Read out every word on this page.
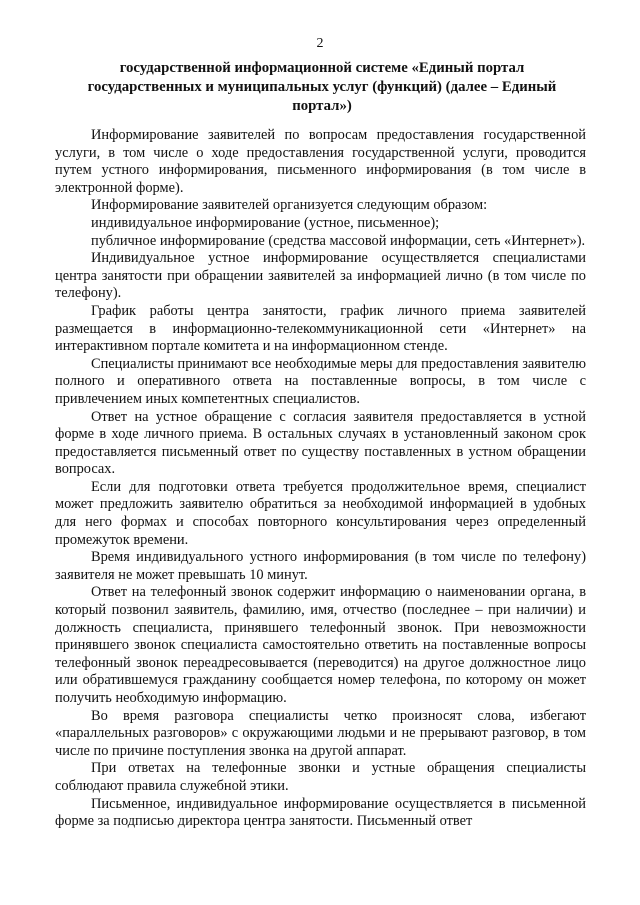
2
государственной информационной системе «Единый портал государственных и муниципальных услуг (функций) (далее – Единый портал»)

Информирование заявителей по вопросам предоставления государственной услуги, в том числе о ходе предоставления государственной услуги, проводится путем устного информирования, письменного информирования (в том числе в электронной форме).

Информирование заявителей организуется следующим образом:

индивидуальное информирование (устное, письменное);

публичное информирование (средства массовой информации, сеть «Интернет»).

Индивидуальное устное информирование осуществляется специалистами центра занятости при обращении заявителей за информацией лично (в том числе по телефону).

График работы центра занятости, график личного приема заявителей размещается в информационно-телекоммуникационной сети «Интернет» на интерактивном портале комитета и на информационном стенде.

Специалисты принимают все необходимые меры для предоставления заявителю полного и оперативного ответа на поставленные вопросы, в том числе с привлечением иных компетентных специалистов.

Ответ на устное обращение с согласия заявителя предоставляется в устной форме в ходе личного приема. В остальных случаях в установленный законом срок предоставляется письменный ответ по существу поставленных в устном обращении вопросах.

Если для подготовки ответа требуется продолжительное время, специалист может предложить заявителю обратиться за необходимой информацией в удобных для него формах и способах повторного консультирования через определенный промежуток времени.

Время индивидуального устного информирования (в том числе по телефону) заявителя не может превышать 10 минут.

Ответ на телефонный звонок содержит информацию о наименовании органа, в который позвонил заявитель, фамилию, имя, отчество (последнее – при наличии) и должность специалиста, принявшего телефонный звонок. При невозможности принявшего звонок специалиста самостоятельно ответить на поставленные вопросы телефонный звонок переадресовывается (переводится) на другое должностное лицо или обратившемуся гражданину сообщается номер телефона, по которому он может получить необходимую информацию.

Во время разговора специалисты четко произносят слова, избегают «параллельных разговоров» с окружающими людьми и не прерывают разговор, в том числе по причине поступления звонка на другой аппарат.

При ответах на телефонные звонки и устные обращения специалисты соблюдают правила служебной этики.

Письменное, индивидуальное информирование осуществляется в письменной форме за подписью директора центра занятости. Письменный ответ
